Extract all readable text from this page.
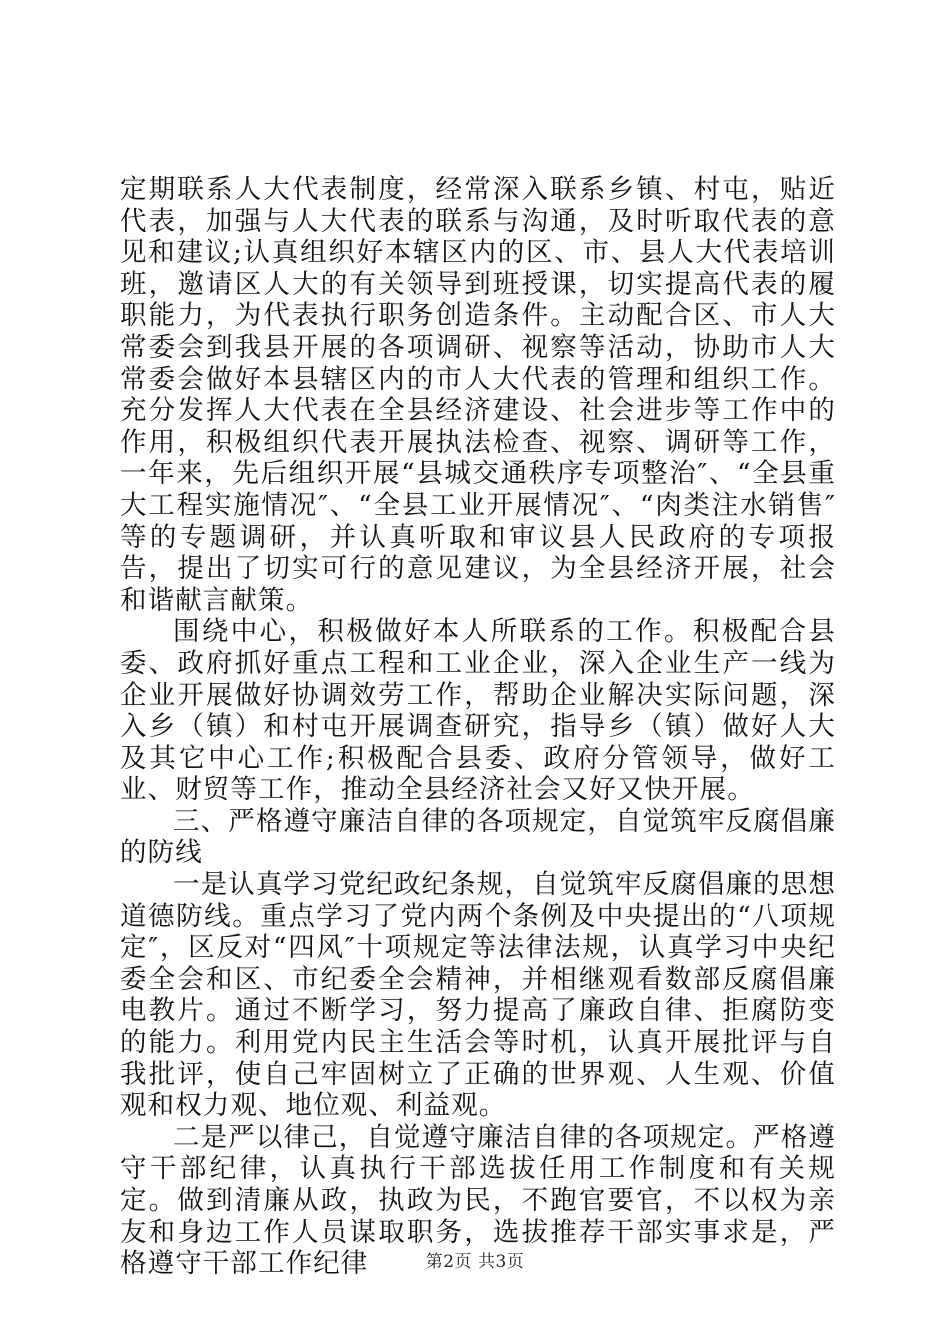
定期联系人大代表制度，经常深入联系乡镇、村屯，贴近代表，加强与人大代表的联系与沟通，及时听取代表的意见和建议;认真组织好本辖区内的区、市、县人大代表培训班，邀请区人大的有关领导到班授课，切实提高代表的履职能力，为代表执行职务创造条件。主动配合区、市人大常委会到我县开展的各项调研、视察等活动，协助市人大常委会做好本县辖区内的市人大代表的管理和组织工作。充分发挥人大代表在全县经济建设、社会进步等工作中的作用，积极组织代表开展执法检查、视察、调研等工作，一年来，先后组织开展“县城交通秩序专项整治″、“全县重大工程实施情况″、“全县工业开展情况″、“肉类注水销售″等的专题调研，并认真听取和审议县人民政府的专项报告，提出了切实可行的意见建议，为全县经济开展，社会和谐献言献策。

围绕中心，积极做好本人所联系的工作。积极配合县委、政府抓好重点工程和工业企业，深入企业生产一线为企业开展做好协调效劳工作，帮助企业解决实际问题，深入乡（镇）和村屯开展调查研究，指导乡（镇）做好人大及其它中心工作;积极配合县委、政府分管领导，做好工业、财贸等工作，推动全县经济社会又好又快开展。

三、严格遵守廉洁自律的各项规定，自觉筑牢反腐倡廉的防线

一是认真学习党纪政纪条规，自觉筑牢反腐倡廉的思想道德防线。重点学习了党内两个条例及中央提出的“八项规定″，区反对“四风″十项规定等法律法规，认真学习中央纪委全会和区、市纪委全会精神，并相继观看数部反腐倡廉电教片。通过不断学习，努力提高了廉政自律、拒腐防变的能力。利用党内民主生活会等时机，认真开展批评与自我批评，使自己牢固树立了正确的世界观、人生观、价值观和权力观、地位观、利益观。

二是严以律己，自觉遵守廉洁自律的各项规定。严格遵守干部纪律，认真执行干部选拔任用工作制度和有关规定。做到清廉从政，执政为民，不跑官要官，不以权为亲友和身边工作人员谋取职务，选拔推荐干部实事求是，严格遵守干部工作纪律	第2页 共3页
